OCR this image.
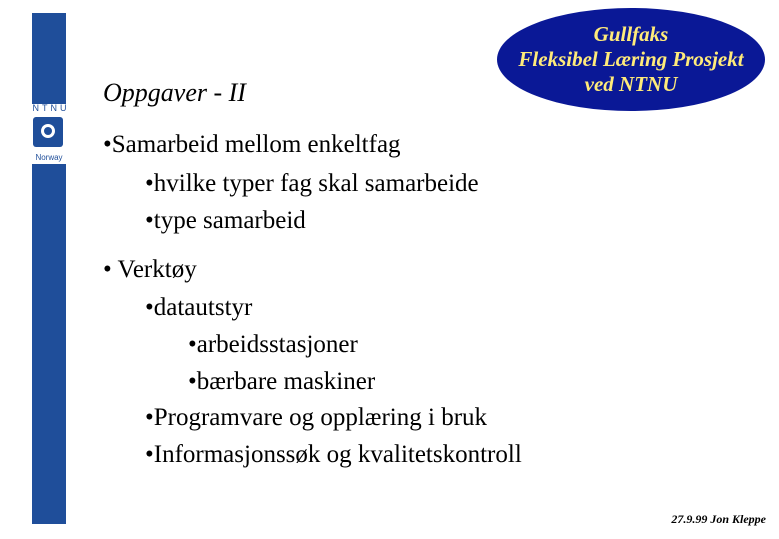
NTNU
Norway
Oppgaver - II
Gullfaks
Fleksibel Læring Prosjekt
ved NTNU
•Samarbeid mellom enkeltfag
•hvilke typer fag skal samarbeide
•type samarbeid
• Verktøy
•datautstyr
•arbeidsstasjoner
•bærbare maskiner
•Programvare og opplæring i bruk
•Informasjonssøk og kvalitetskontroll
27.9.99 Jon Kleppe
